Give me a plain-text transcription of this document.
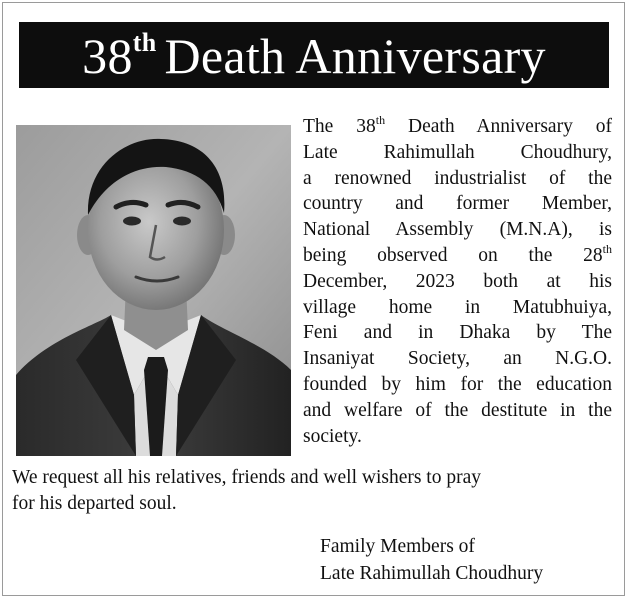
38th Death Anniversary
The 38th Death Anniversary of
Late Rahimullah Choudhury,
a renowned industrialist of the
country and former Member,
National Assembly (M.N.A), is
being observed on the 28th
December, 2023 both at his
village home in Matubhuiya,
Feni and in Dhaka by The
Insaniyat Society, an N.G.O.
founded by him for the education
and welfare of the destitute in the
society.
We request all his relatives, friends and well wishers to pray
for his departed soul.
Family Members of
Late Rahimullah Choudhury
